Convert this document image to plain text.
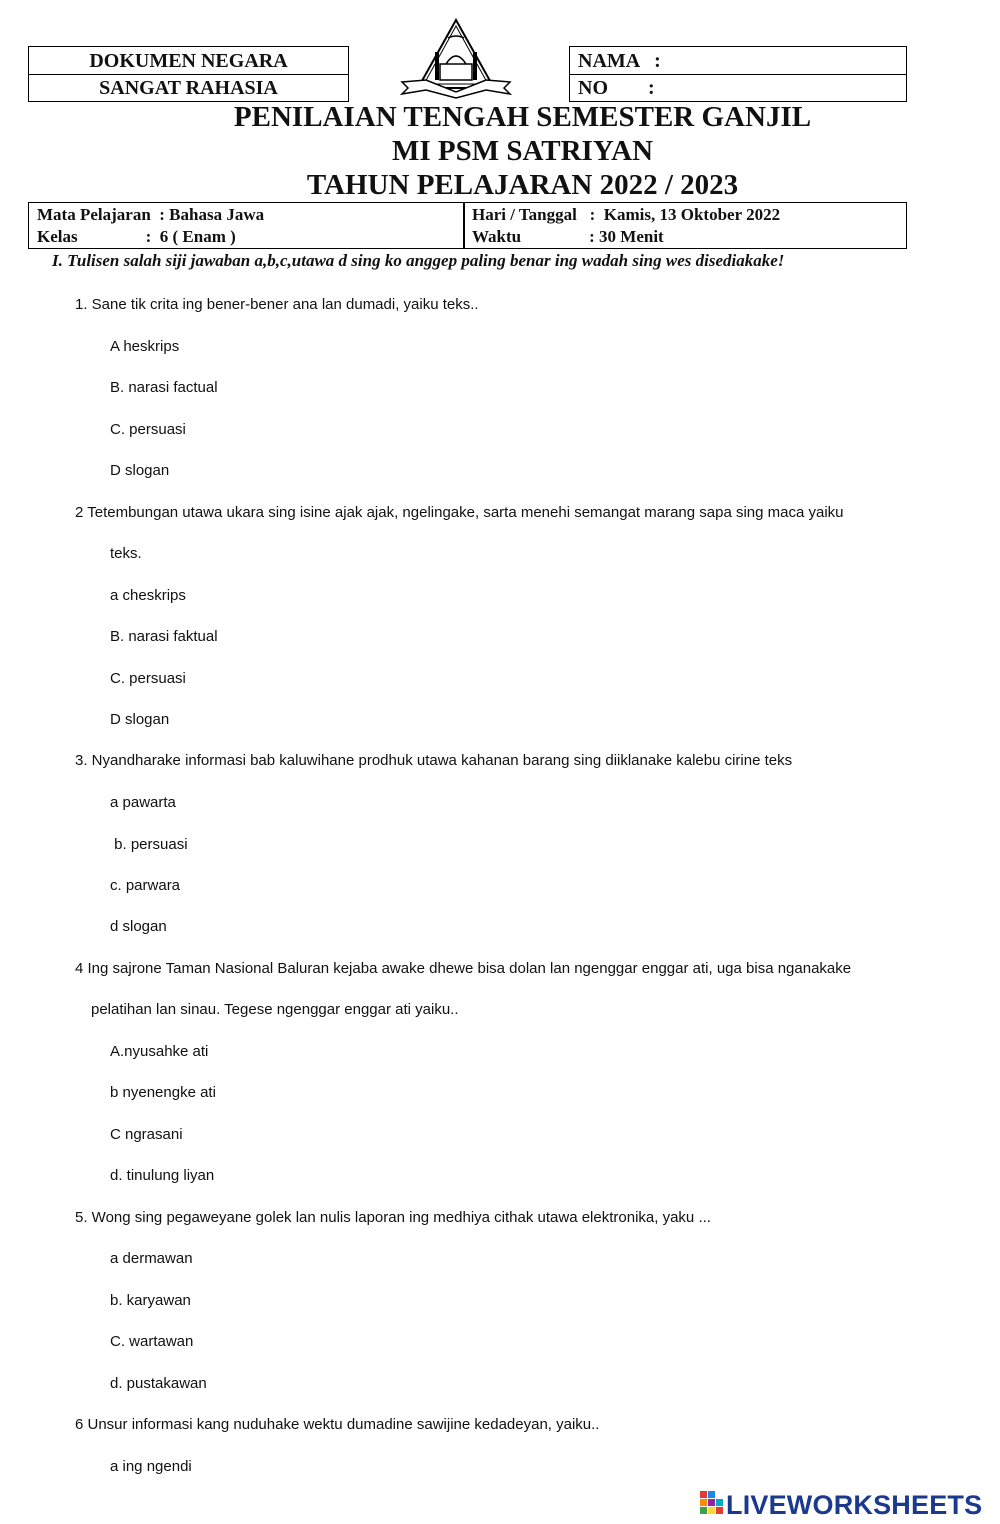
DOKUMEN NEGARA
SANGAT RAHASIA
NAMA   :
NO        :
PENILAIAN TENGAH SEMESTER GANJIL
MI PSM SATRIYAN
TAHUN PELAJARAN 2022 / 2023
Mata Pelajaran  : Bahasa Jawa
Kelas                :  6 ( Enam )
Hari / Tanggal   :  Kamis, 13 Oktober 2022
Waktu                : 30 Menit
I. Tulisen salah siji jawaban a,b,c,utawa d sing ko anggep paling benar ing wadah sing wes disediakake!
1. Sane tik crita ing bener-bener ana lan dumadi, yaiku teks..
A heskrips
B. narasi factual
C. persuasi
D slogan
2 Tetembungan utawa ukara sing isine ajak ajak, ngelingake, sarta menehi semangat marang sapa sing maca yaiku
teks.
a cheskrips
B. narasi faktual
C. persuasi
D slogan
3. Nyandharake informasi bab kaluwihane prodhuk utawa kahanan barang sing diiklanake kalebu cirine teks
a pawarta
b. persuasi
c. parwara
d slogan
4 Ing sajrone Taman Nasional Baluran kejaba awake dhewe bisa dolan lan ngenggar enggar ati, uga bisa nganakake
pelatihan lan sinau. Tegese ngenggar enggar ati yaiku..
A.nyusahke ati
b nyenengke ati
C ngrasani
d. tinulung liyan
5. Wong sing pegaweyane golek lan nulis laporan ing medhiya cithak utawa elektronika, yaku ...
a dermawan
b. karyawan
C. wartawan
d. pustakawan
6 Unsur informasi kang nuduhake wektu dumadine sawijine kedadeyan, yaiku..
a ing ngendi
LIVEWORKSHEETS
